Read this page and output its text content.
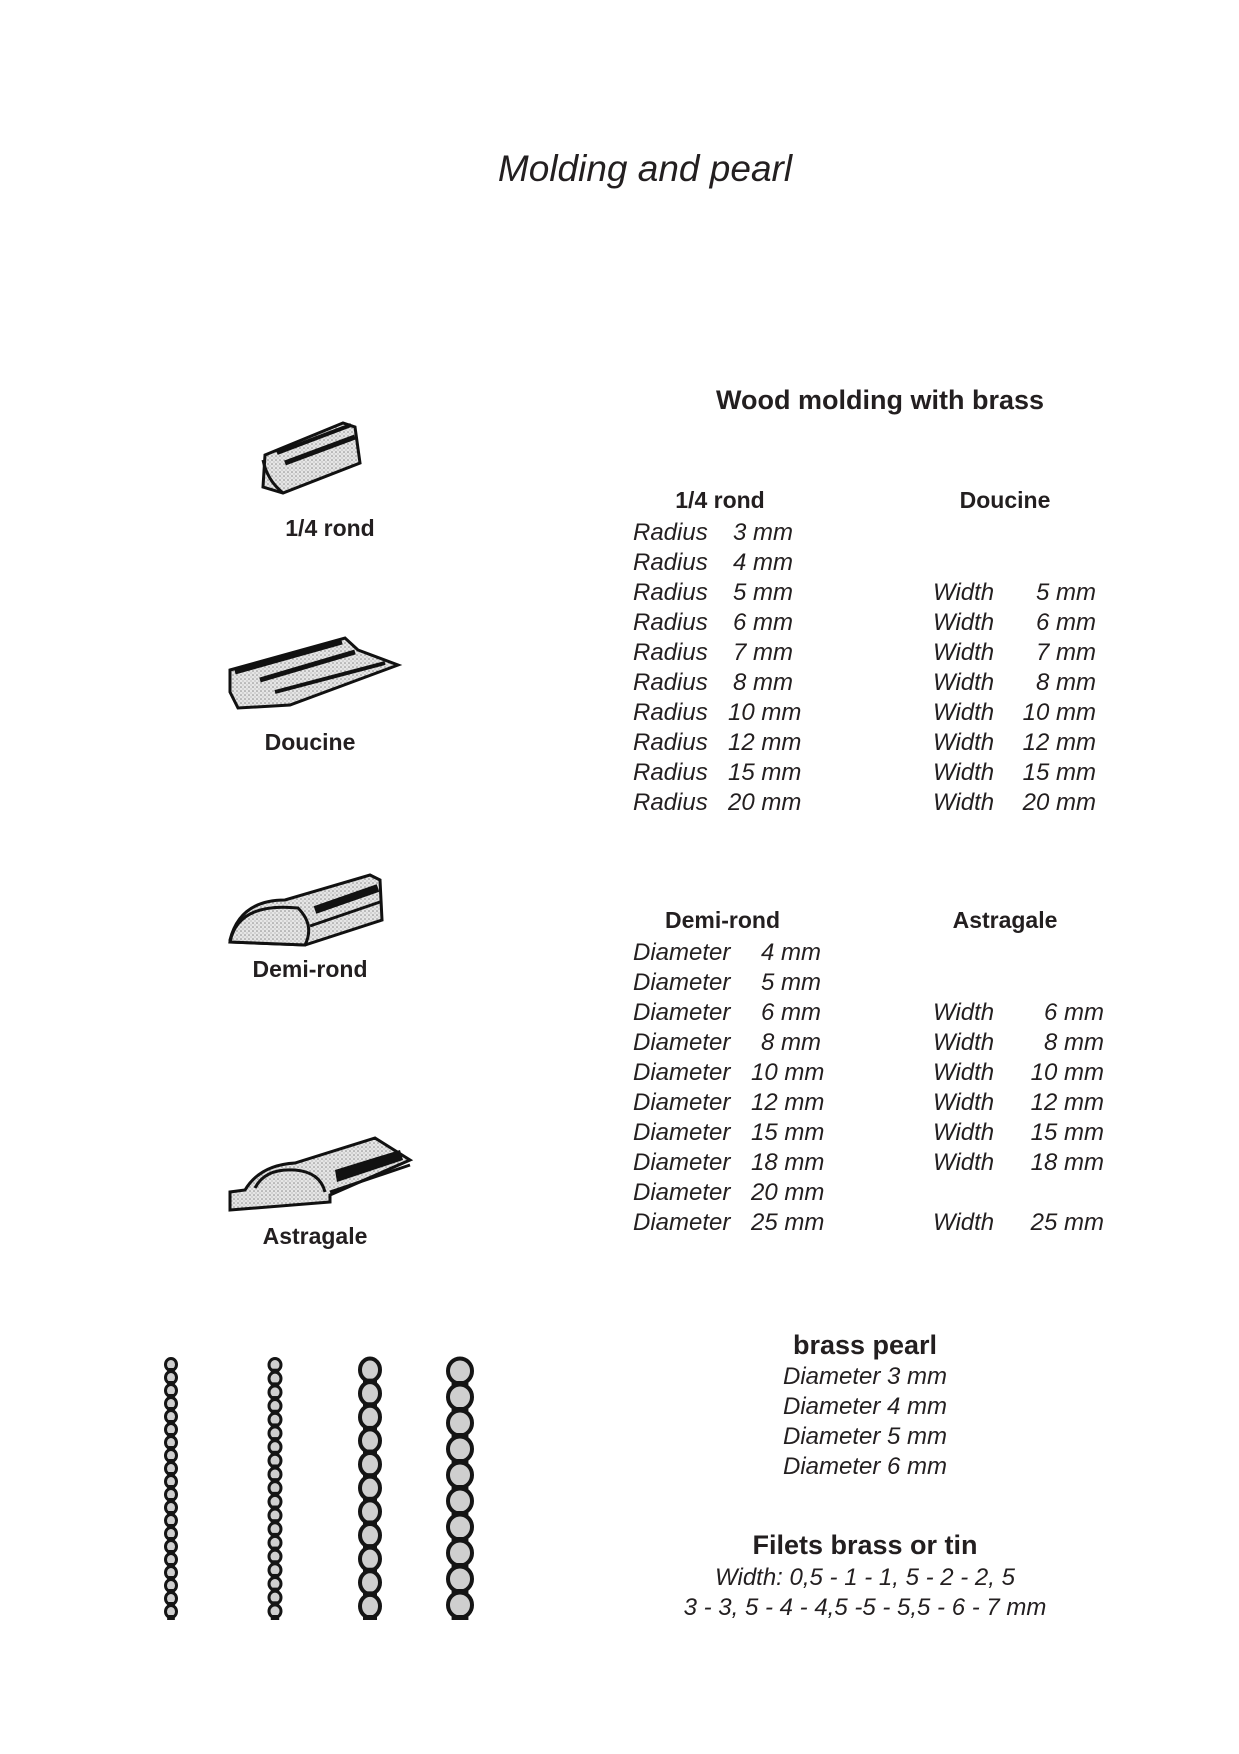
Molding and pearl
1/4 rond
Doucine
Demi-rond
Astragale
Wood molding with brass
1/4 rond	Doucine
Radius 3 mm
Radius 4 mm
Radius 5 mm
Radius 6 mm
Radius 7 mm
Radius 8 mm
Radius 10 mm
Radius 12 mm
Radius 15 mm
Radius 20 mm
Width 5 mm
Width 6 mm
Width 7 mm
Width 8 mm
Width 10 mm
Width 12 mm
Width 15 mm
Width 20 mm
Demi-rond	Astragale
Diameter 4 mm
Diameter 5 mm
Diameter 6 mm
Diameter 8 mm
Diameter 10 mm
Diameter 12 mm
Diameter 15 mm
Diameter 18 mm
Diameter 20 mm
Diameter 25 mm
Width 6 mm
Width 8 mm
Width 10 mm
Width 12 mm
Width 15 mm
Width 18 mm
Width 25 mm
brass pearl
Diameter 3 mm
Diameter 4 mm
Diameter 5 mm
Diameter 6 mm
Filets brass or tin
Width: 0,5 - 1 - 1, 5 - 2 - 2, 5
3 - 3, 5 - 4 - 4,5 -5 - 5,5 - 6 - 7 mm
